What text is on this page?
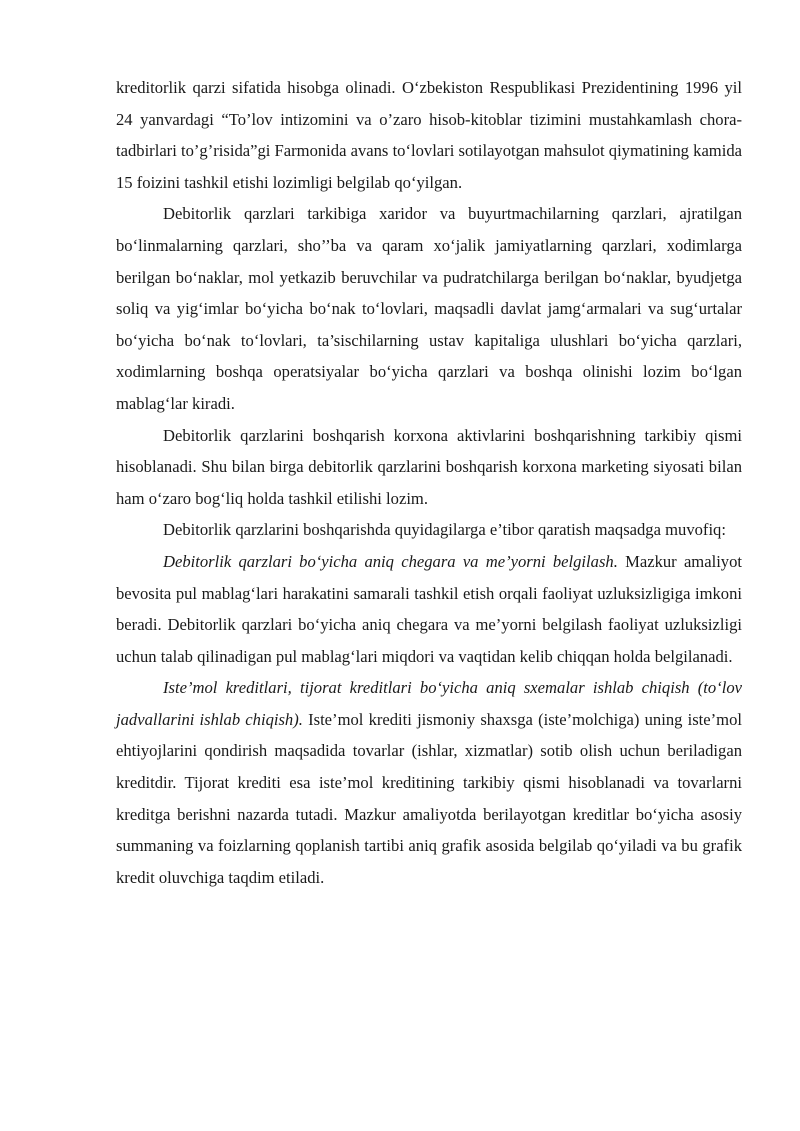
kreditorlik qarzi sifatida hisobga olinadi. O‘zbekiston Respublikasi Prezidentining 1996 yil 24 yanvardagi “To’lov intizomini va o’zaro hisob-kitoblar tizimini mustahkamlash chora-tadbirlari to’g’risida”gi Farmonida avans to‘lovlari sotilayotgan mahsulot qiymatining kamida 15 foizini tashkil etishi lozimligi belgilab qo‘yilgan.

Debitorlik qarzlari tarkibiga xaridor va buyurtmachilarning qarzlari, ajratilgan bo‘linmalarning qarzlari, sho’’ba va qaram xo‘jalik jamiyatlarning qarzlari, xodimlarga berilgan bo‘naklar, mol yetkazib beruvchilar va pudratchilarga berilgan bo‘naklar, byudjetga soliq va yig‘imlar bo‘yicha bo‘nak to‘lovlari, maqsadli davlat jamg‘armalari va sug‘urtalar bo‘yicha bo‘nak to‘lovlari, ta’sischilarning ustav kapitaliga ulushlari bo‘yicha qarzlari, xodimlarning boshqa operatsiyalar bo‘yicha qarzlari va boshqa olinishi lozim bo‘lgan mablag‘lar kiradi.

Debitorlik qarzlarini boshqarish korxona aktivlarini boshqarishning tarkibiy qismi hisoblanadi. Shu bilan birga debitorlik qarzlarini boshqarish korxona marketing siyosati bilan ham o‘zaro bog‘liq holda tashkil etilishi lozim.

Debitorlik qarzlarini boshqarishda quyidagilarga e’tibor qaratish maqsadga muvofiq:

Debitorlik qarzlari bo‘yicha aniq chegara va me’yorni belgilash. Mazkur amaliyot bevosita pul mablag‘lari harakatini samarali tashkil etish orqali faoliyat uzluksizligiga imkoni beradi. Debitorlik qarzlari bo‘yicha aniq chegara va me’yorni belgilash faoliyat uzluksizligi uchun talab qilinadigan pul mablag‘lari miqdori va vaqtidan kelib chiqqan holda belgilanadi.

Iste’mol kreditlari, tijorat kreditlari bo‘yicha aniq sxemalar ishlab chiqish (to‘lov jadvallarini ishlab chiqish). Iste’mol krediti jismoniy shaxsga (iste’molchiga) uning iste’mol ehtiyojlarini qondirish maqsadida tovarlar (ishlar, xizmatlar) sotib olish uchun beriladigan kreditdir. Tijorat krediti esa iste’mol kreditining tarkibiy qismi hisoblanadi va tovarlarni kreditga berishni nazarda tutadi. Mazkur amaliyotda berilayotgan kreditlar bo‘yicha asosiy summaning va foizlarning qoplanish tartibi aniq grafik asosida belgilab qo‘yiladi va bu grafik kredit oluvchiga taqdim etiladi.
